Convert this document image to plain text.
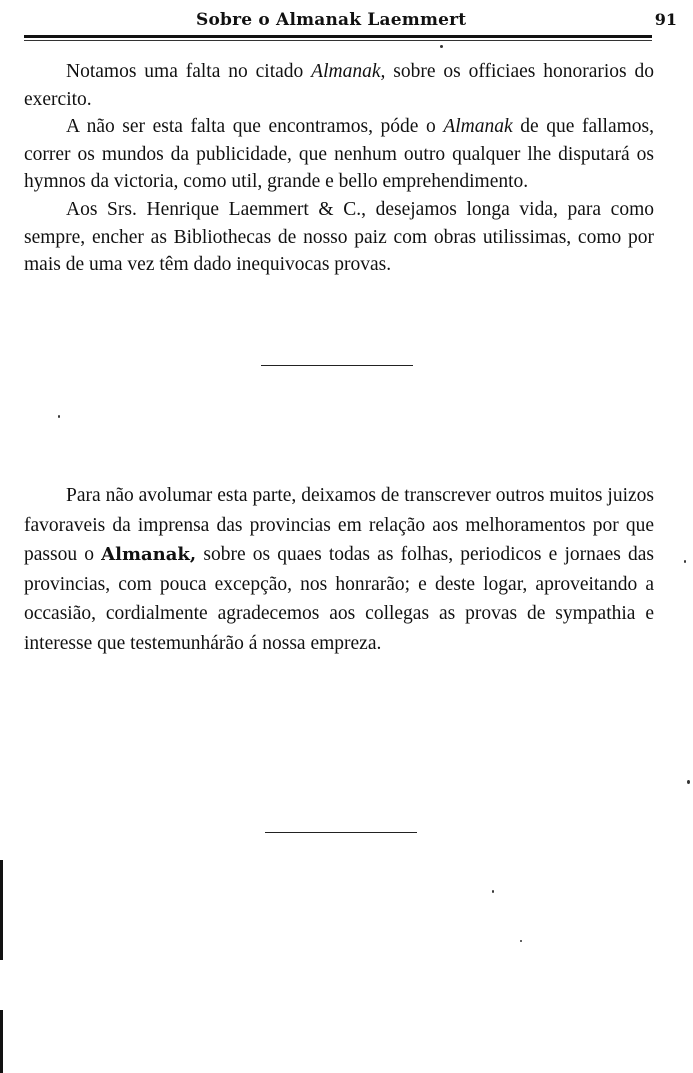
Sobre o Almanak Laemmert	91

Notamos uma falta no citado Almanak, sobre os officiaes honorarios do exercito.

A não ser esta falta que encontramos, póde o Almanak de que fallamos, correr os mundos da publicidade, que nenhum outro qualquer lhe disputará os hymnos da victoria, como util, grande e bello emprehendimento.

Aos Srs. Henrique Laemmert & C., desejamos longa vida, para como sempre, encher as Bibliothecas de nosso paiz com obras utilissimas, como por mais de uma vez têm dado inequivocas provas.

Para não avolumar esta parte, deixamos de transcrever outros muitos juizos favoraveis da imprensa das provincias em relação aos melhoramentos por que passou o Almanak, sobre os quaes todas as folhas, periodicos e jornaes das provincias, com pouca excepção, nos honrarão; e deste logar, aproveitando a occasião, cordialmente agradecemos aos collegas as provas de sympathia e interesse que testemunhárão á nossa empreza.
